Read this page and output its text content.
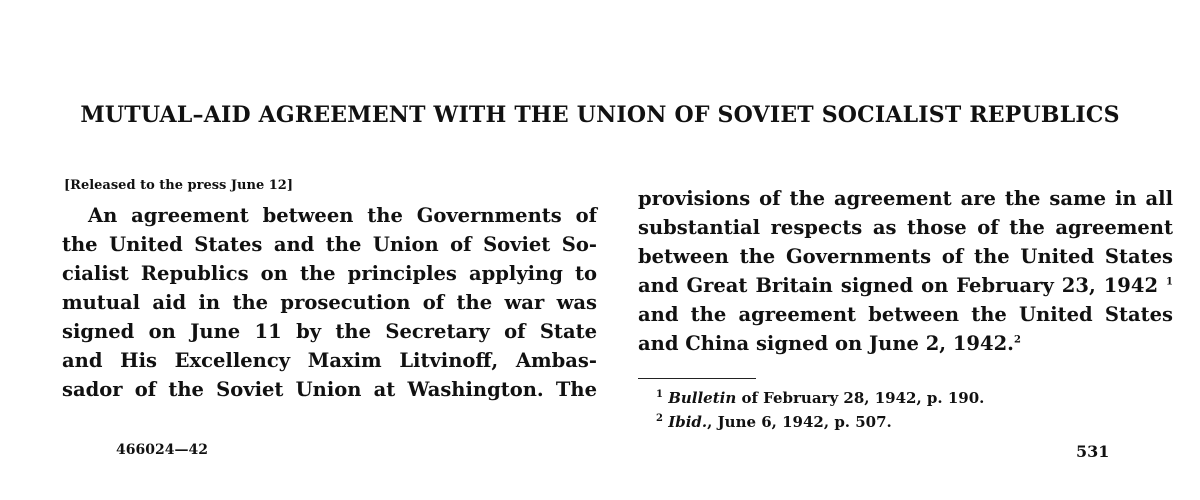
MUTUAL–AID AGREEMENT WITH THE UNION OF SOVIET SOCIALIST REPUBLICS
[Released to the press June 12]
An agreement between the Governments of
the United States and the Union of Soviet So-
cialist Republics on the principles applying to
mutual aid in the prosecution of the war was
signed on June 11 by the Secretary of State
and His Excellency Maxim Litvinoff, Ambas-
sador of the Soviet Union at Washington. The
provisions of the agreement are the same in all
substantial respects as those of the agreement
between the Governments of the United States
and Great Britain signed on February 23, 1942 $^1$
and the agreement between the United States
and China signed on June 2, 1942.$^2$
$^1$ Bulletin of February 28, 1942, p. 190.
$^2$ Ibid., June 6, 1942, p. 507.
466024—42	531
